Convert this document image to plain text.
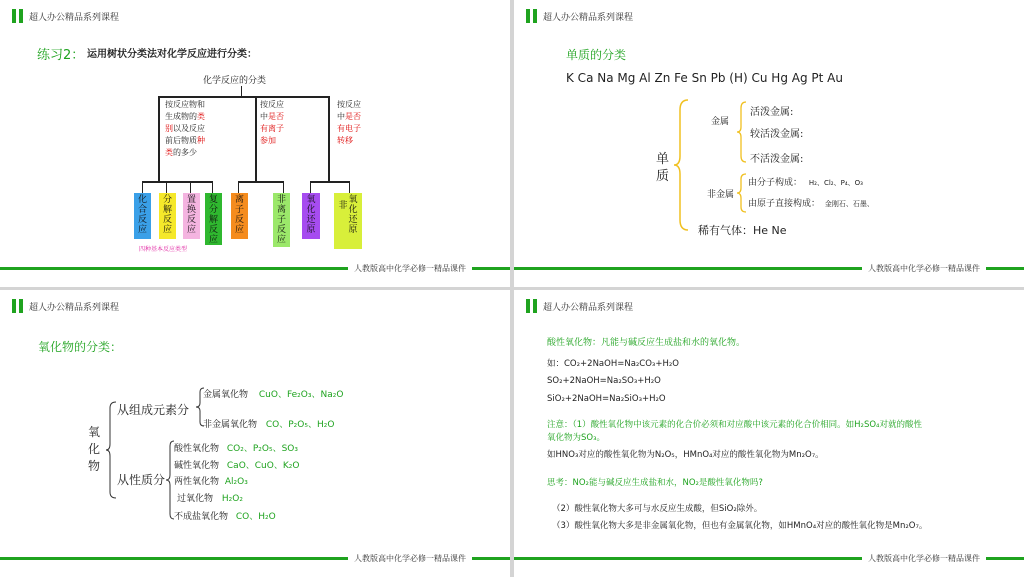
超人办公精品系列课程
练习2： 运用树状分类法对化学反应进行分类：
化学反应的分类
按反应物和
生成物的类
别以及反应
前后物质种
类的多少
按反应
中是否
有离子
参加
按反应
中是否
有电子
转移
化
合
反
应
分
解
反
应
置
换
反
应
复
分
解
反
应
离
子
反
应
非
离
子
反
应
氧
化
还
原
非
氧
化
还
原
四种基本反应类型
人教版高中化学必修一精品课件
超人办公精品系列课程
单质的分类
K Ca Na Mg Al Zn Fe Sn Pb (H) Cu Hg Ag Pt Au
单
质
金属
活泼金属:
较活泼金属:
不活泼金属:
非金属
由分子构成： H₂、Cl₂、P₄、O₃
由原子直接构成： 金刚石、石墨、
稀有气体：He Ne
人教版高中化学必修一精品课件
超人办公精品系列课程
氧化物的分类：
氧
化
物
从组成元素分
从性质分
金属氧化物 CuO、Fe₂O₃、Na₂O
非金属氧化物 CO、P₂O₅、H₂O
酸性氧化物 CO₂、P₂O₅、SO₃
碱性氧化物 CaO、CuO、K₂O
两性氧化物 Al₂O₃
过氧化物 H₂O₂
不成盐氧化物 CO、H₂O
人教版高中化学必修一精品课件
超人办公精品系列课程
酸性氧化物：凡能与碱反应生成盐和水的氧化物。
如：CO₂+2NaOH=Na₂CO₃+H₂O
SO₂+2NaOH=Na₂SO₃+H₂O
SiO₂+2NaOH=Na₂SiO₃+H₂O
注意：（1）酸性氧化物中该元素的化合价必须和对应酸中该元素的化合价相同。如H₂SO₄对就的酸性
氧化物为SO₃。
如HNO₃对应的酸性氧化物为N₂O₅，HMnO₄对应的酸性氧化物为Mn₂O₇。
思考：NO₂能与碱反应生成盐和水，NO₂是酸性氧化物吗?
（2）酸性氧化物大多可与水反应生成酸，但SiO₂除外。
（3）酸性氧化物大多是非金属氧化物，但也有金属氧化物，如HMnO₄对应的酸性氧化物是Mn₂O₇。
人教版高中化学必修一精品课件
